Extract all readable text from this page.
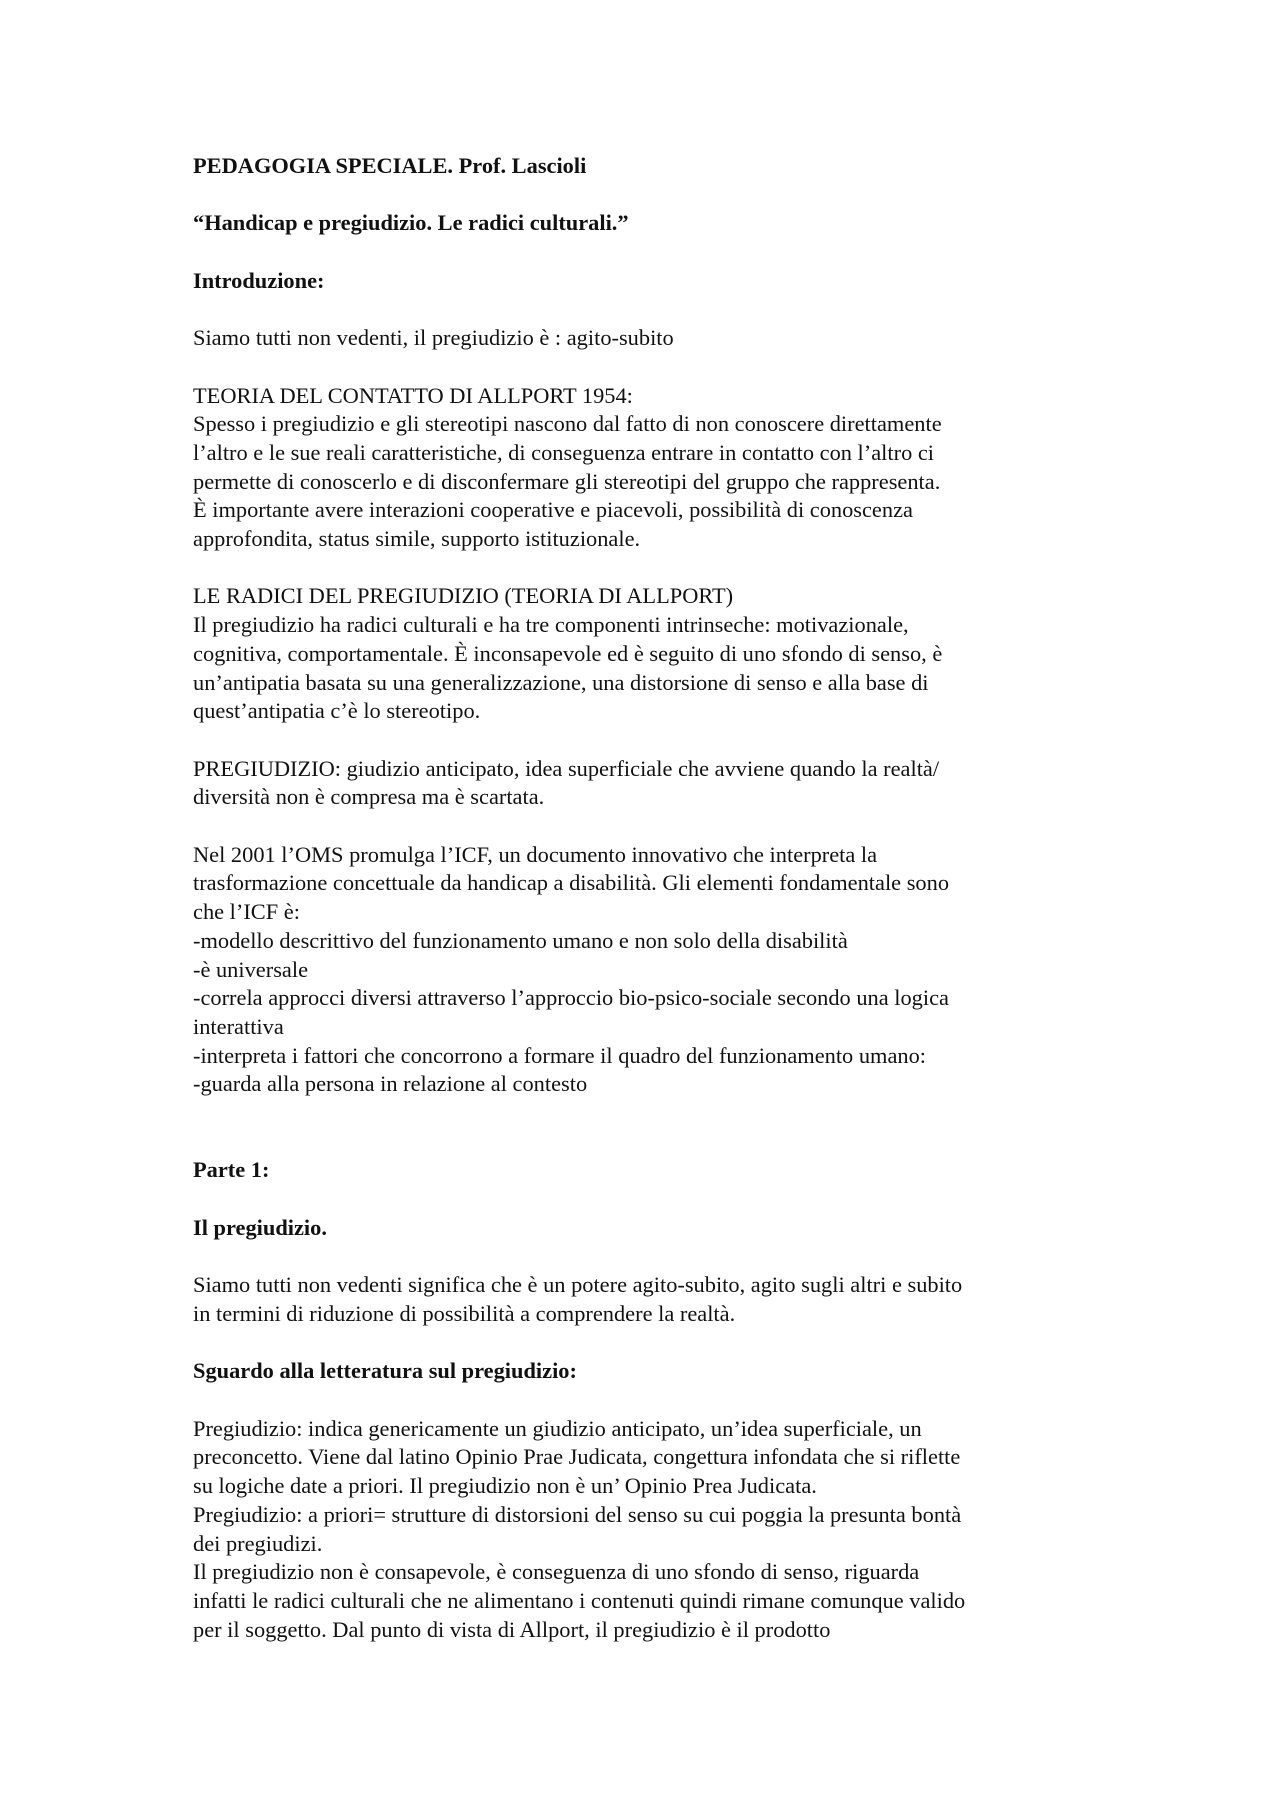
PEDAGOGIA SPECIALE. Prof. Lascioli

“Handicap e pregiudizio. Le radici culturali.”

Introduzione:

Siamo tutti non vedenti, il pregiudizio è : agito-subito

TEORIA DEL CONTATTO DI ALLPORT 1954:
Spesso i pregiudizio e gli stereotipi nascono dal fatto di non conoscere direttamente
l’altro e le sue reali caratteristiche, di conseguenza entrare in contatto con l’altro ci
permette di conoscerlo e di disconfermare gli stereotipi del gruppo che rappresenta.
È importante avere interazioni cooperative e piacevoli, possibilità di conoscenza
approfondita, status simile, supporto istituzionale.

LE RADICI DEL PREGIUDIZIO (TEORIA DI ALLPORT)
Il pregiudizio ha radici culturali e ha tre componenti intrinseche: motivazionale,
cognitiva, comportamentale. È inconsapevole ed è seguito di uno sfondo di senso, è
un’antipatia basata su una generalizzazione, una distorsione di senso e alla base di
quest’antipatia c’è lo stereotipo.

PREGIUDIZIO: giudizio anticipato, idea superficiale che avviene quando la realtà/
diversità non è compresa ma è scartata.

Nel 2001 l’OMS promulga l’ICF, un documento innovativo che interpreta la
trasformazione concettuale da handicap a disabilità. Gli elementi fondamentale sono
che l’ICF è:
-modello descrittivo del funzionamento umano e non solo della disabilità
-è universale
-correla approcci diversi attraverso l’approccio bio-psico-sociale secondo una logica
interattiva
-interpreta i fattori che concorrono a formare il quadro del funzionamento umano:
-guarda alla persona in relazione al contesto

Parte 1:

Il pregiudizio.

Siamo tutti non vedenti significa che è un potere agito-subito, agito sugli altri e subito
in termini di riduzione di possibilità a comprendere la realtà.

Sguardo alla letteratura sul pregiudizio:

Pregiudizio: indica genericamente un giudizio anticipato, un’idea superficiale, un
preconcetto. Viene dal latino Opinio Prae Judicata, congettura infondata che si riflette
su logiche date a priori. Il pregiudizio non è un’ Opinio Prea Judicata.
Pregiudizio: a priori= strutture di distorsioni del senso su cui poggia la presunta bontà
dei pregiudizi.
Il pregiudizio non è consapevole, è conseguenza di uno sfondo di senso, riguarda
infatti le radici culturali che ne alimentano i contenuti quindi rimane comunque valido
per il soggetto. Dal punto di vista di Allport, il pregiudizio è il prodotto
